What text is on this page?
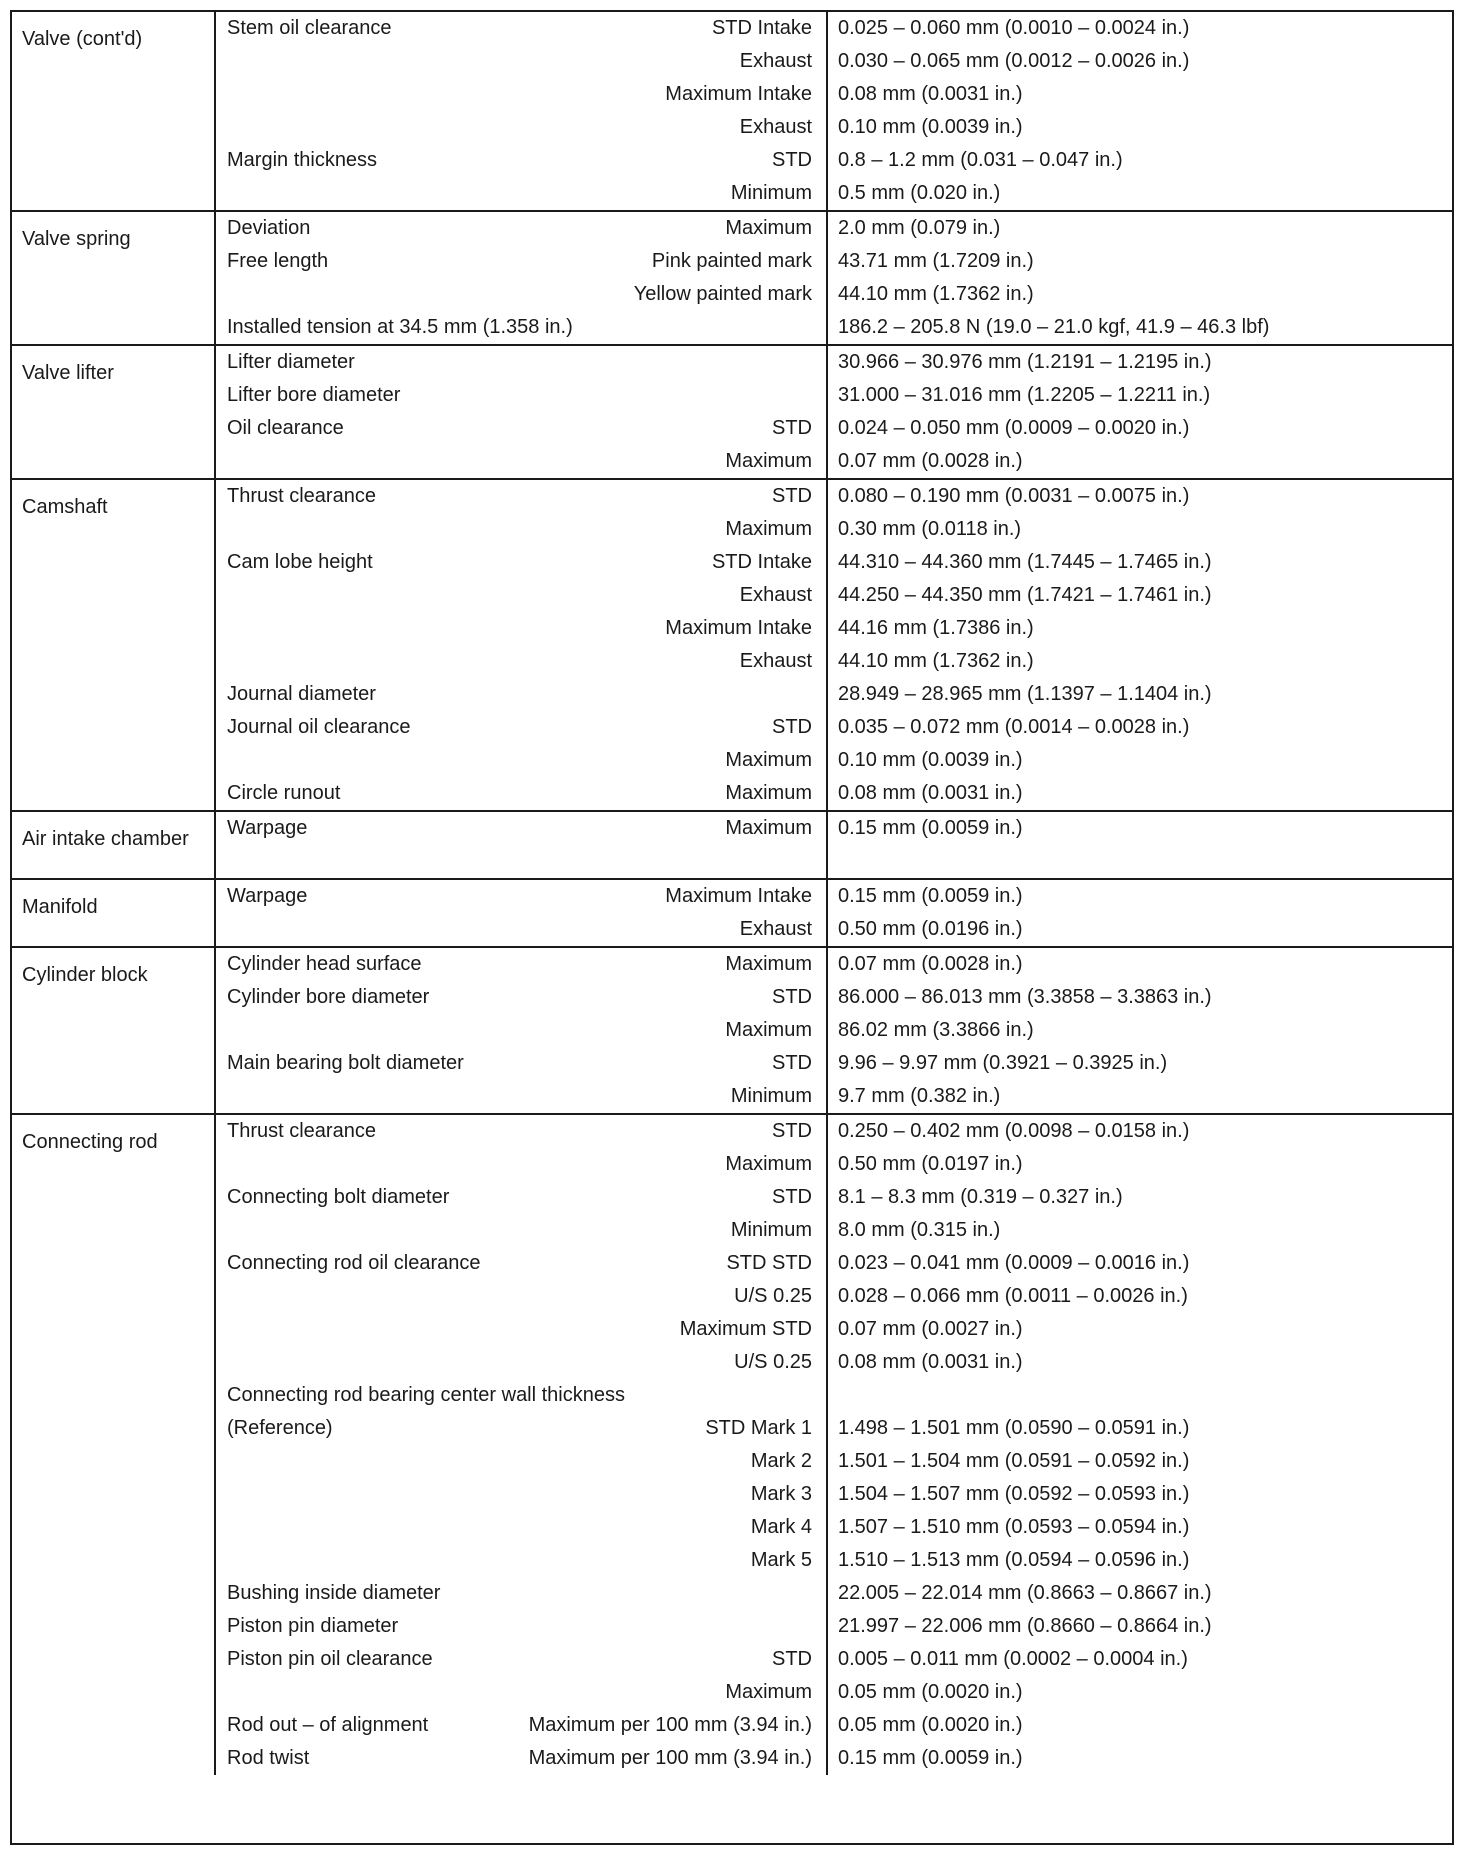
Valve (cont'd)	Stem oil clearance	STD Intake	0.025 – 0.060 mm (0.0010 – 0.0024 in.)
Exhaust	0.030 – 0.065 mm (0.0012 – 0.0026 in.)
Maximum Intake	0.08 mm (0.0031 in.)
Exhaust	0.10 mm (0.0039 in.)
Margin thickness	STD	0.8 – 1.2 mm (0.031 – 0.047 in.)
Minimum	0.5 mm (0.020 in.)
Valve spring	Deviation	Maximum	2.0 mm (0.079 in.)
Free length	Pink painted mark	43.71 mm (1.7209 in.)
Yellow painted mark	44.10 mm (1.7362 in.)
Installed tension at 34.5 mm (1.358 in.)	186.2 – 205.8 N (19.0 – 21.0 kgf, 41.9 – 46.3 lbf)
Valve lifter	Lifter diameter	30.966 – 30.976 mm (1.2191 – 1.2195 in.)
Lifter bore diameter	31.000 – 31.016 mm (1.2205 – 1.2211 in.)
Oil clearance	STD	0.024 – 0.050 mm (0.0009 – 0.0020 in.)
Maximum	0.07 mm (0.0028 in.)
Camshaft	Thrust clearance	STD	0.080 – 0.190 mm (0.0031 – 0.0075 in.)
Maximum	0.30 mm (0.0118 in.)
Cam lobe height	STD Intake	44.310 – 44.360 mm (1.7445 – 1.7465 in.)
Exhaust	44.250 – 44.350 mm (1.7421 – 1.7461 in.)
Maximum Intake	44.16 mm (1.7386 in.)
Exhaust	44.10 mm (1.7362 in.)
Journal diameter	28.949 – 28.965 mm (1.1397 – 1.1404 in.)
Journal oil clearance	STD	0.035 – 0.072 mm (0.0014 – 0.0028 in.)
Maximum	0.10 mm (0.0039 in.)
Circle runout	Maximum	0.08 mm (0.0031 in.)
Air intake chamber	Warpage	Maximum	0.15 mm (0.0059 in.)
Manifold	Warpage	Maximum Intake	0.15 mm (0.0059 in.)
Exhaust	0.50 mm (0.0196 in.)
Cylinder block	Cylinder head surface	Maximum	0.07 mm (0.0028 in.)
Cylinder bore diameter	STD	86.000 – 86.013 mm (3.3858 – 3.3863 in.)
Maximum	86.02 mm (3.3866 in.)
Main bearing bolt diameter	STD	9.96 – 9.97 mm (0.3921 – 0.3925 in.)
Minimum	9.7 mm (0.382 in.)
Connecting rod	Thrust clearance	STD	0.250 – 0.402 mm (0.0098 – 0.0158 in.)
Maximum	0.50 mm (0.0197 in.)
Connecting bolt diameter	STD	8.1 – 8.3 mm (0.319 – 0.327 in.)
Minimum	8.0 mm (0.315 in.)
Connecting rod oil clearance	STD STD	0.023 – 0.041 mm (0.0009 – 0.0016 in.)
U/S 0.25	0.028 – 0.066 mm (0.0011 – 0.0026 in.)
Maximum STD	0.07 mm (0.0027 in.)
U/S 0.25	0.08 mm (0.0031 in.)
Connecting rod bearing center wall thickness
(Reference)	STD Mark 1	1.498 – 1.501 mm (0.0590 – 0.0591 in.)
Mark 2	1.501 – 1.504 mm (0.0591 – 0.0592 in.)
Mark 3	1.504 – 1.507 mm (0.0592 – 0.0593 in.)
Mark 4	1.507 – 1.510 mm (0.0593 – 0.0594 in.)
Mark 5	1.510 – 1.513 mm (0.0594 – 0.0596 in.)
Bushing inside diameter	22.005 – 22.014 mm (0.8663 – 0.8667 in.)
Piston pin diameter	21.997 – 22.006 mm (0.8660 – 0.8664 in.)
Piston pin oil clearance	STD	0.005 – 0.011 mm (0.0002 – 0.0004 in.)
Maximum	0.05 mm (0.0020 in.)
Rod out – of alignment	Maximum per 100 mm (3.94 in.)	0.05 mm (0.0020 in.)
Rod twist	Maximum per 100 mm (3.94 in.)	0.15 mm (0.0059 in.)
